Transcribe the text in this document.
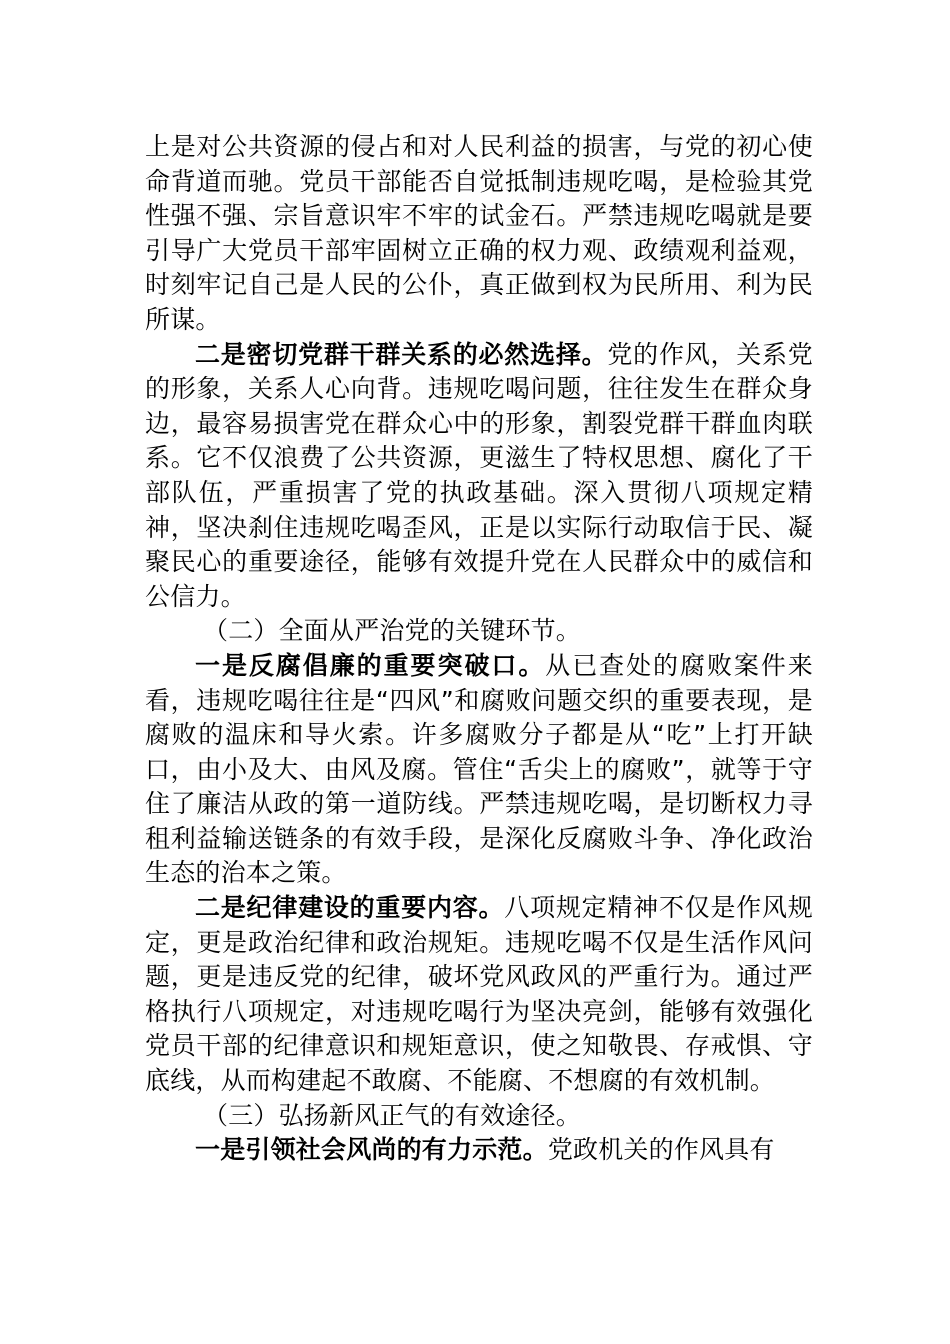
上是对公共资源的侵占和对人民利益的损害，与党的初心使命背道而驰。党员干部能否自觉抵制违规吃喝，是检验其党性强不强、宗旨意识牢不牢的试金石。严禁违规吃喝就是要引导广大党员干部牢固树立正确的权力观、政绩观利益观，时刻牢记自己是人民的公仆，真正做到权为民所用、利为民所谋。

二是密切党群干群关系的必然选择。党的作风，关系党的形象，关系人心向背。违规吃喝问题，往往发生在群众身边，最容易损害党在群众心中的形象，割裂党群干群血肉联系。它不仅浪费了公共资源，更滋生了特权思想、腐化了干部队伍，严重损害了党的执政基础。深入贯彻八项规定精神，坚决刹住违规吃喝歪风，正是以实际行动取信于民、凝聚民心的重要途径，能够有效提升党在人民群众中的威信和公信力。

（二）全面从严治党的关键环节。

一是反腐倡廉的重要突破口。从已查处的腐败案件来看，违规吃喝往往是“四风”和腐败问题交织的重要表现，是腐败的温床和导火索。许多腐败分子都是从“吃”上打开缺口，由小及大、由风及腐。管住“舌尖上的腐败”，就等于守住了廉洁从政的第一道防线。严禁违规吃喝，是切断权力寻租利益输送链条的有效手段，是深化反腐败斗争、净化政治生态的治本之策。

二是纪律建设的重要内容。八项规定精神不仅是作风规定，更是政治纪律和政治规矩。违规吃喝不仅是生活作风问题，更是违反党的纪律，破坏党风政风的严重行为。通过严格执行八项规定，对违规吃喝行为坚决亮剑，能够有效强化党员干部的纪律意识和规矩意识，使之知敬畏、存戒惧、守底线，从而构建起不敢腐、不能腐、不想腐的有效机制。

（三）弘扬新风正气的有效途径。

一是引领社会风尚的有力示范。党政机关的作风具有
